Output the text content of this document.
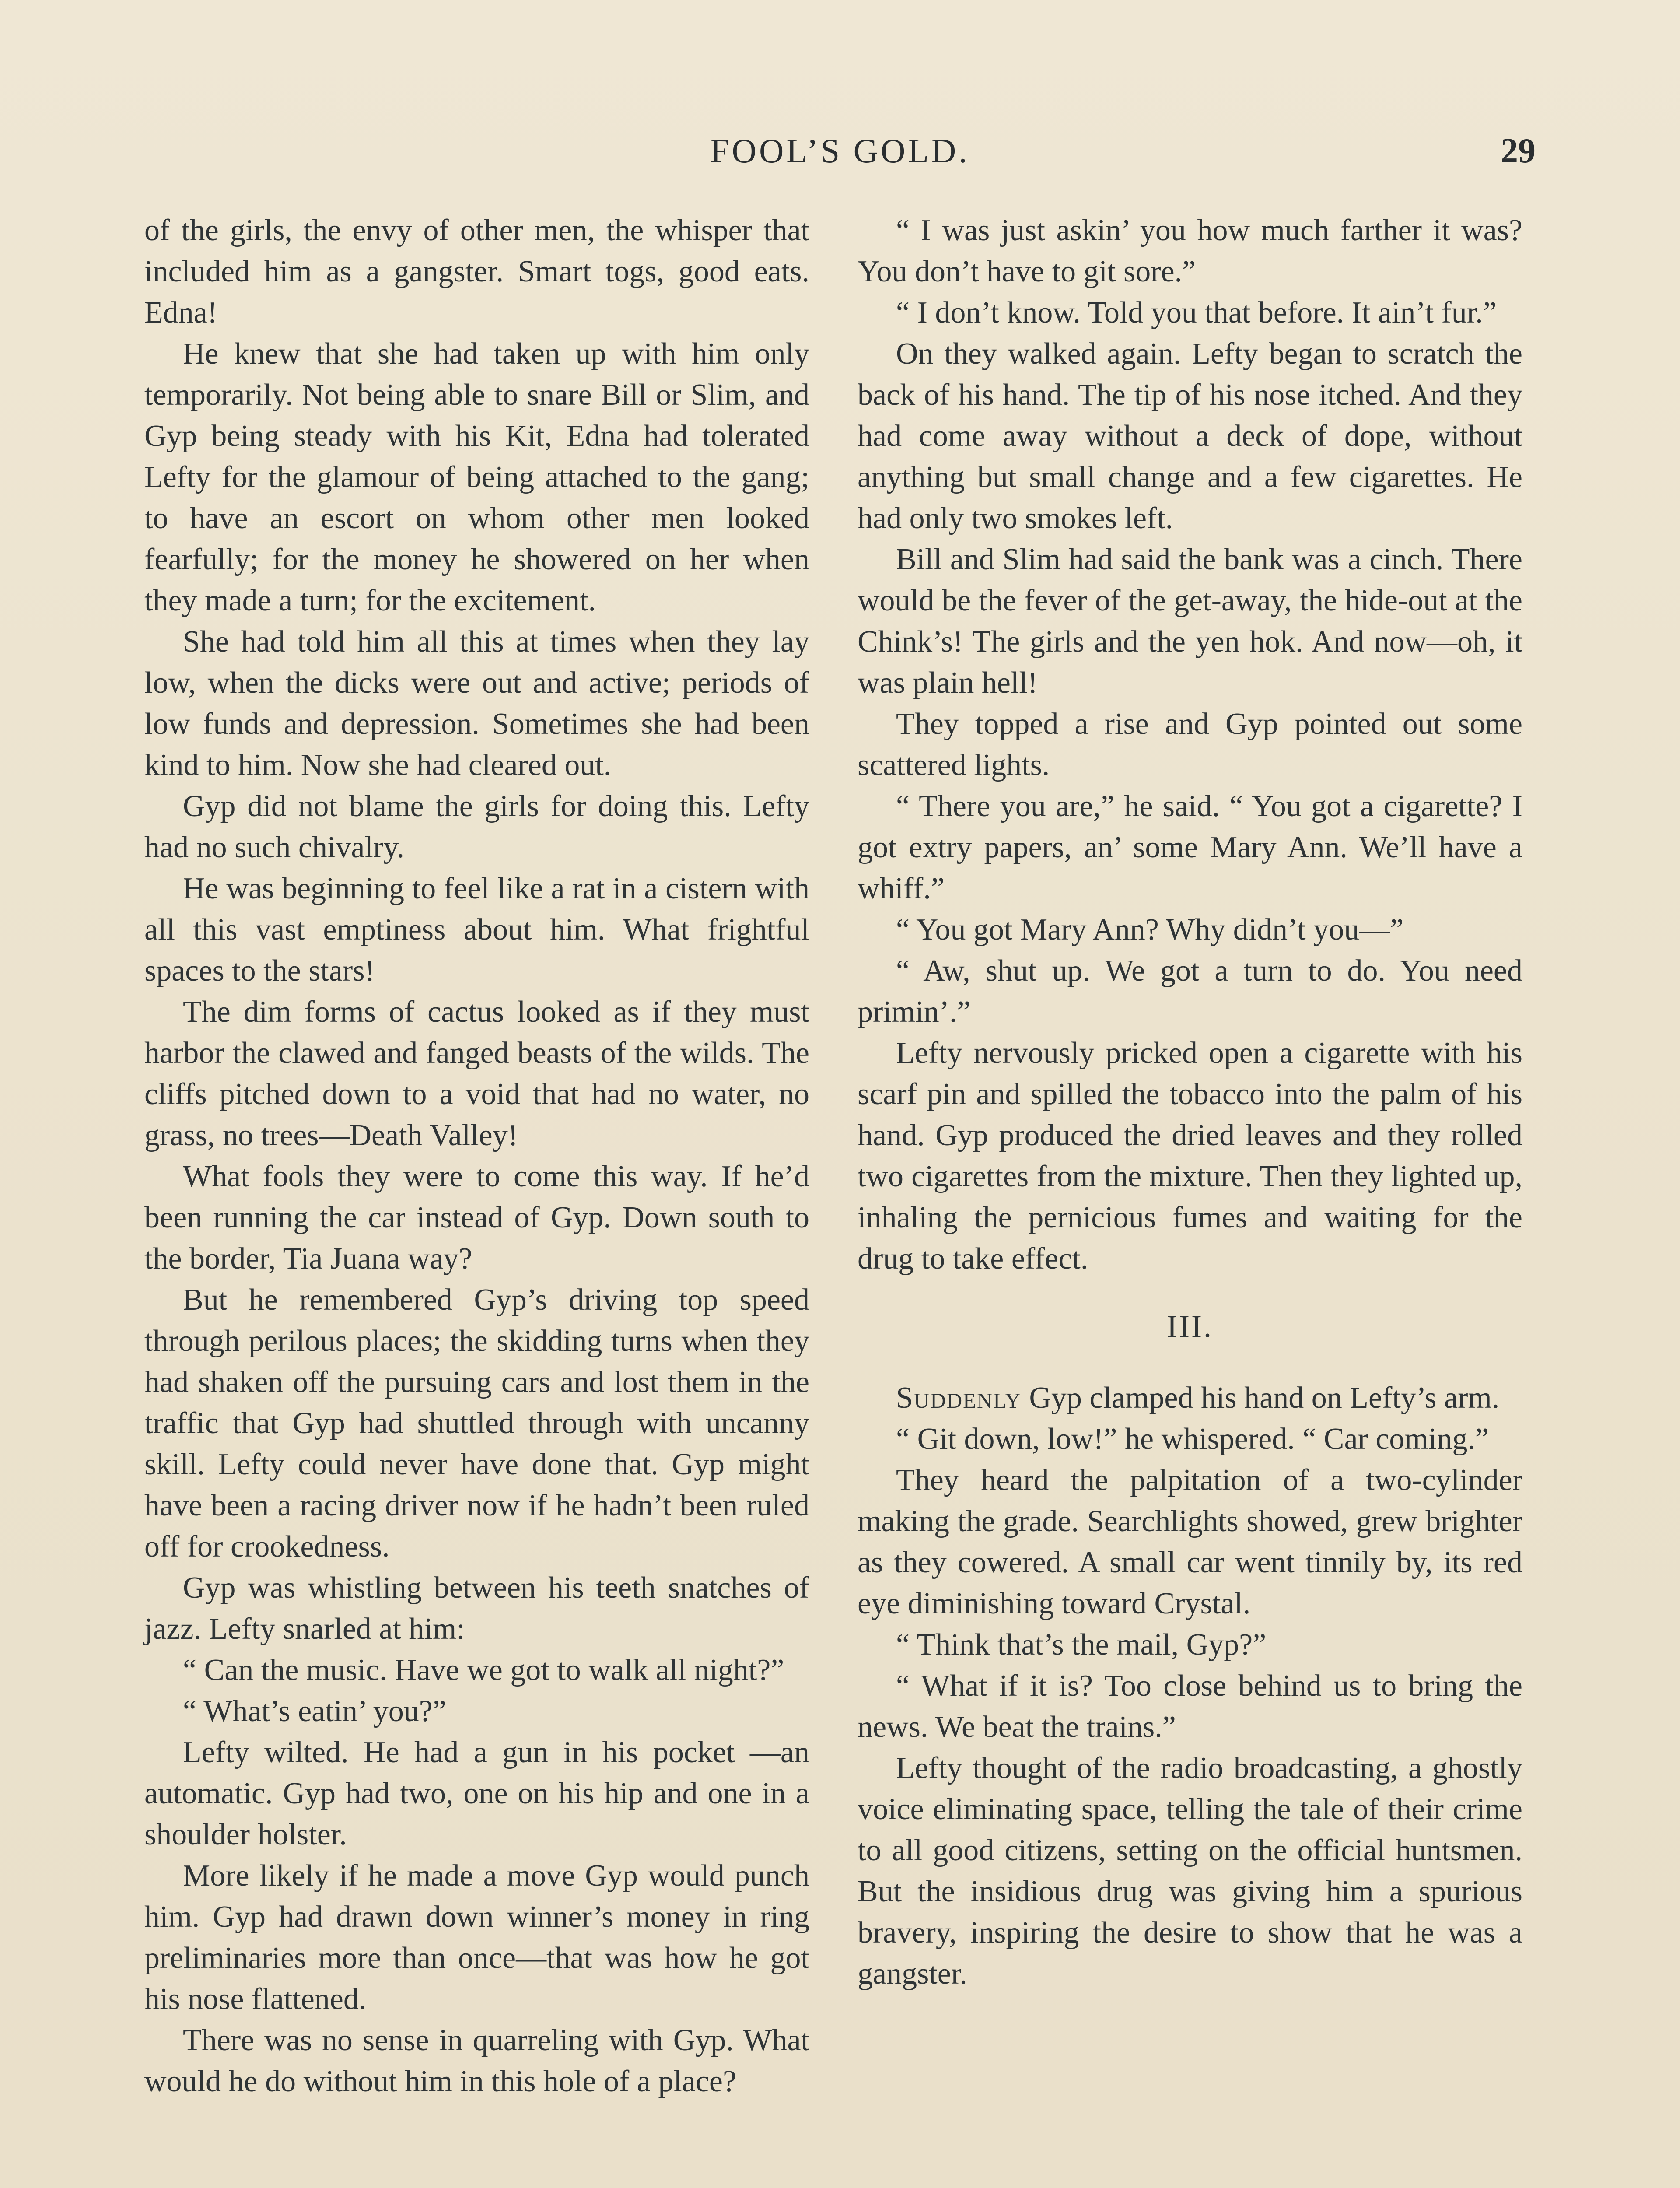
FOOL’S GOLD.	29

of the girls, the envy of other men, the whisper that included him as a gangster. Smart togs, good eats. Edna!

He knew that she had taken up with him only temporarily. Not being able to snare Bill or Slim, and Gyp being steady with his Kit, Edna had tolerated Lefty for the glamour of being attached to the gang; to have an escort on whom other men looked fearfully; for the money he showered on her when they made a turn; for the excitement.

She had told him all this at times when they lay low, when the dicks were out and active; periods of low funds and depression. Sometimes she had been kind to him. Now she had cleared out.

Gyp did not blame the girls for doing this. Lefty had no such chivalry.

He was beginning to feel like a rat in a cistern with all this vast emptiness about him. What frightful spaces to the stars!

The dim forms of cactus looked as if they must harbor the clawed and fanged beasts of the wilds. The cliffs pitched down to a void that had no water, no grass, no trees—Death Valley!

What fools they were to come this way. If he’d been running the car instead of Gyp. Down south to the border, Tia Juana way?

But he remembered Gyp’s driving top speed through perilous places; the skidding turns when they had shaken off the pursuing cars and lost them in the traffic that Gyp had shuttled through with uncanny skill. Lefty could never have done that. Gyp might have been a racing driver now if he hadn’t been ruled off for crookedness.

Gyp was whistling between his teeth snatches of jazz. Lefty snarled at him:

“ Can the music. Have we got to walk all night?”

“ What’s eatin’ you?”

Lefty wilted. He had a gun in his pocket —an automatic. Gyp had two, one on his hip and one in a shoulder holster.

More likely if he made a move Gyp would punch him. Gyp had drawn down winner’s money in ring preliminaries more than once—that was how he got his nose flattened.

There was no sense in quarreling with Gyp. What would he do without him in this hole of a place?

“ I was just askin’ you how much farther it was? You don’t have to git sore.”

“ I don’t know. Told you that before. It ain’t fur.”

On they walked again. Lefty began to scratch the back of his hand. The tip of his nose itched. And they had come away without a deck of dope, without anything but small change and a few cigarettes. He had only two smokes left.

Bill and Slim had said the bank was a cinch. There would be the fever of the get-away, the hide-out at the Chink’s! The girls and the yen hok. And now—oh, it was plain hell!

They topped a rise and Gyp pointed out some scattered lights.

“ There you are,” he said. “ You got a cigarette? I got extry papers, an’ some Mary Ann. We’ll have a whiff.”

“ You got Mary Ann? Why didn’t you—”

“ Aw, shut up. We got a turn to do. You need primin’.”

Lefty nervously pricked open a cigarette with his scarf pin and spilled the tobacco into the palm of his hand. Gyp produced the dried leaves and they rolled two cigarettes from the mixture. Then they lighted up, inhaling the pernicious fumes and waiting for the drug to take effect.

III.

Suddenly Gyp clamped his hand on Lefty’s arm.

“ Git down, low!” he whispered. “ Car coming.”

They heard the palpitation of a two-cylinder making the grade. Searchlights showed, grew brighter as they cowered. A small car went tinnily by, its red eye diminishing toward Crystal.

“ Think that’s the mail, Gyp?”

“ What if it is? Too close behind us to bring the news. We beat the trains.”

Lefty thought of the radio broadcasting, a ghostly voice eliminating space, telling the tale of their crime to all good citizens, setting on the official huntsmen. But the insidious drug was giving him a spurious bravery, inspiring the desire to show that he was a gangster.
